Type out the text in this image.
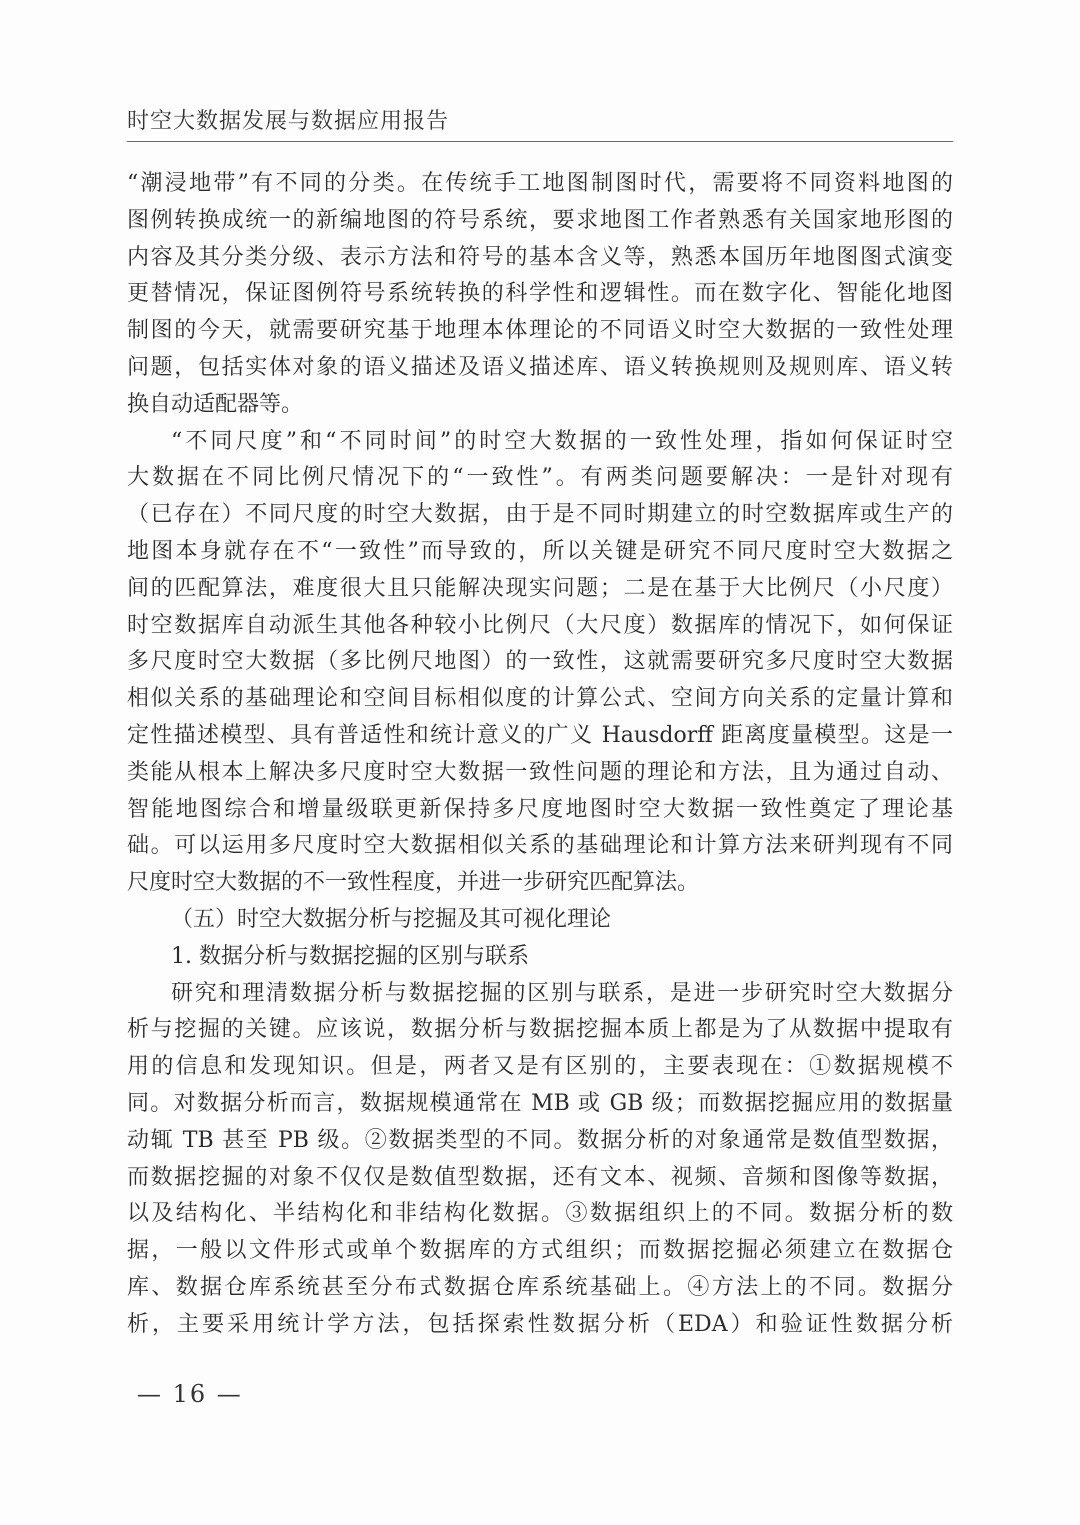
时空大数据发展与数据应用报告
“潮浸地带”有不同的分类。在传统手工地图制图时代，需要将不同资料地图的
图例转换成统一的新编地图的符号系统，要求地图工作者熟悉有关国家地形图的
内容及其分类分级、表示方法和符号的基本含义等，熟悉本国历年地图图式演变
更替情况，保证图例符号系统转换的科学性和逻辑性。而在数字化、智能化地图
制图的今天，就需要研究基于地理本体理论的不同语义时空大数据的一致性处理
问题，包括实体对象的语义描述及语义描述库、语义转换规则及规则库、语义转
换自动适配器等。
“不同尺度”和“不同时间”的时空大数据的一致性处理，指如何保证时空
大数据在不同比例尺情况下的“一致性”。有两类问题要解决：一是针对现有
（已存在）不同尺度的时空大数据，由于是不同时期建立的时空数据库或生产的
地图本身就存在不“一致性”而导致的，所以关键是研究不同尺度时空大数据之
间的匹配算法，难度很大且只能解决现实问题；二是在基于大比例尺（小尺度）
时空数据库自动派生其他各种较小比例尺（大尺度）数据库的情况下，如何保证
多尺度时空大数据（多比例尺地图）的一致性，这就需要研究多尺度时空大数据
相似关系的基础理论和空间目标相似度的计算公式、空间方向关系的定量计算和
定性描述模型、具有普适性和统计意义的广义 Hausdorff 距离度量模型。这是一
类能从根本上解决多尺度时空大数据一致性问题的理论和方法，且为通过自动、
智能地图综合和增量级联更新保持多尺度地图时空大数据一致性奠定了理论基
础。可以运用多尺度时空大数据相似关系的基础理论和计算方法来研判现有不同
尺度时空大数据的不一致性程度，并进一步研究匹配算法。
（五）时空大数据分析与挖掘及其可视化理论
1. 数据分析与数据挖掘的区别与联系
研究和理清数据分析与数据挖掘的区别与联系，是进一步研究时空大数据分
析与挖掘的关键。应该说，数据分析与数据挖掘本质上都是为了从数据中提取有
用的信息和发现知识。但是，两者又是有区别的，主要表现在：①数据规模不
同。对数据分析而言，数据规模通常在 MB 或 GB 级；而数据挖掘应用的数据量
动辄 TB 甚至 PB 级。②数据类型的不同。数据分析的对象通常是数值型数据，
而数据挖掘的对象不仅仅是数值型数据，还有文本、视频、音频和图像等数据，
以及结构化、半结构化和非结构化数据。③数据组织上的不同。数据分析的数
据，一般以文件形式或单个数据库的方式组织；而数据挖掘必须建立在数据仓
库、数据仓库系统甚至分布式数据仓库系统基础上。④方法上的不同。数据分
析，主要采用统计学方法，包括探索性数据分析（EDA）和验证性数据分析
— 16 —
